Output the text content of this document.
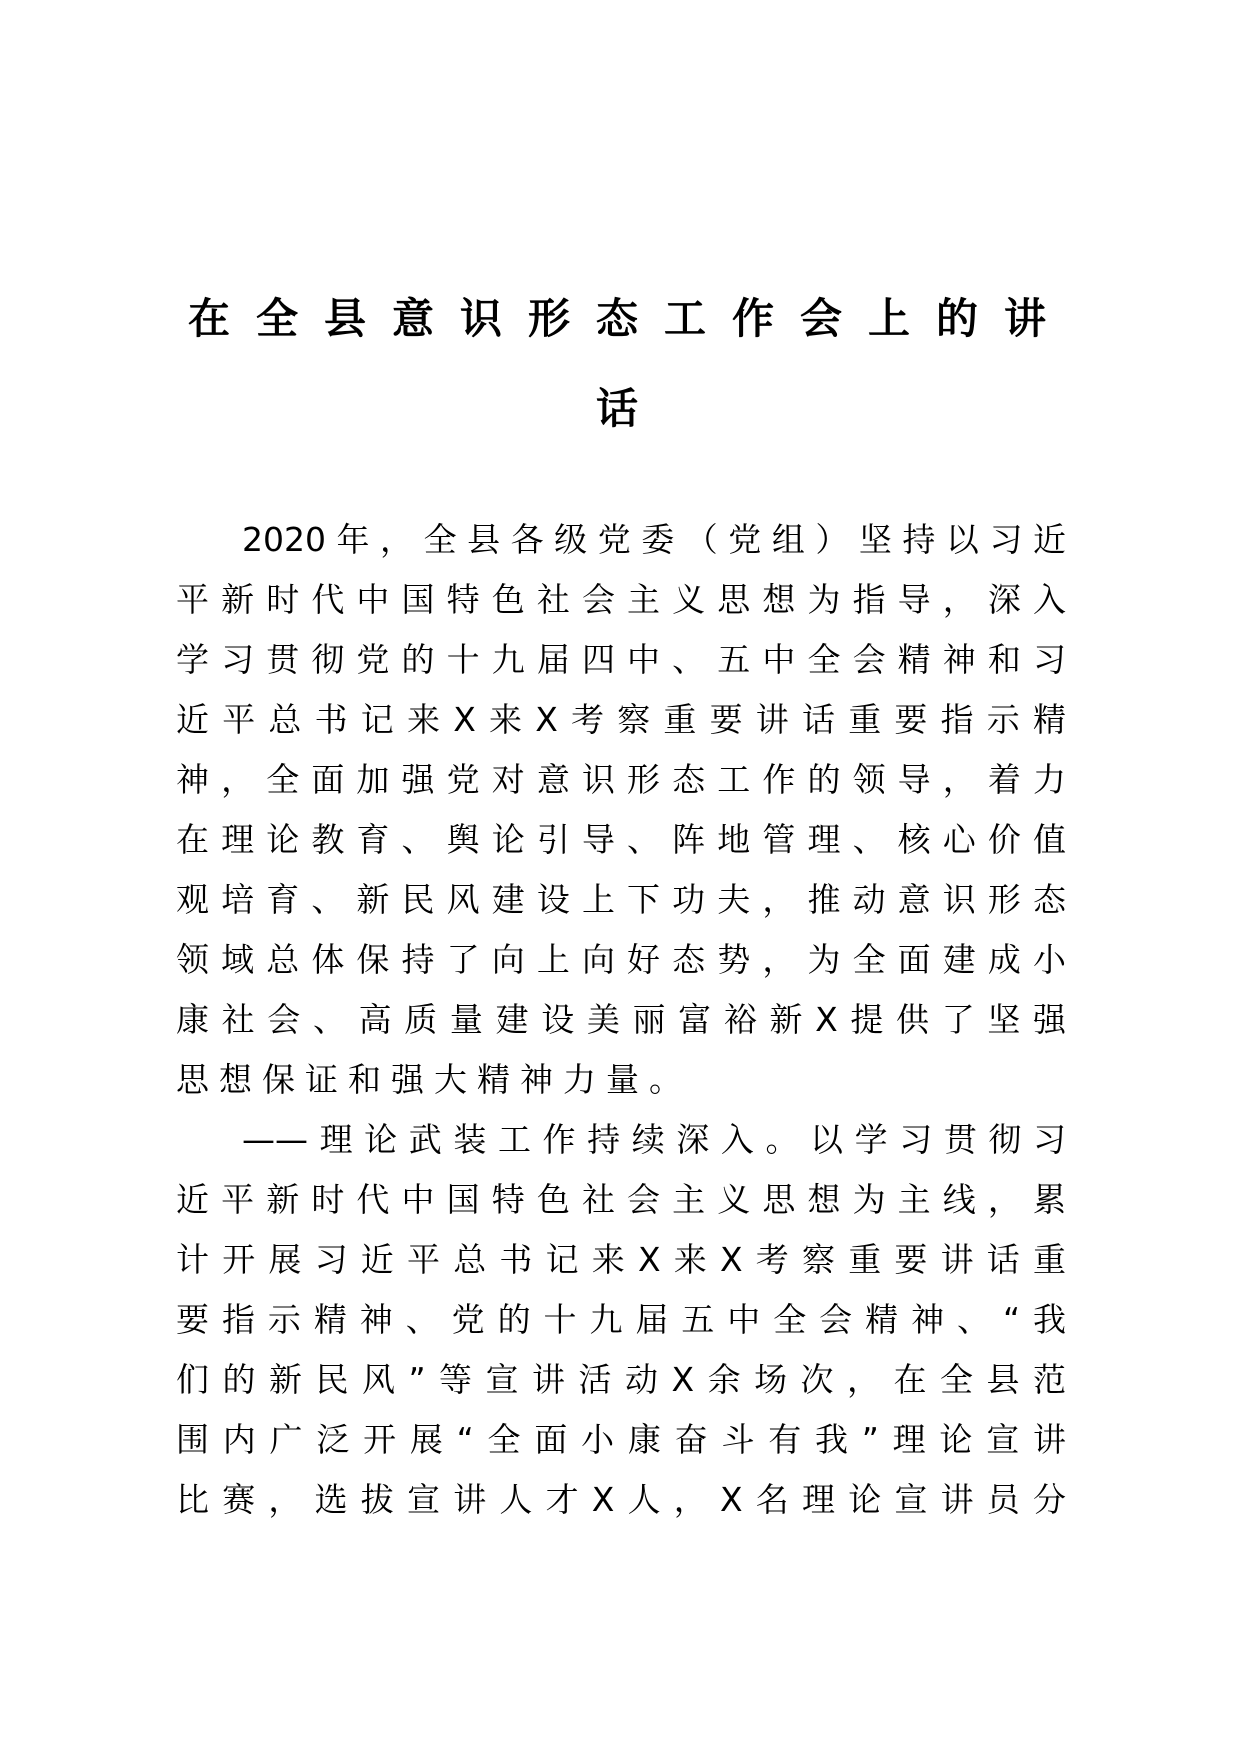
在全县意识形态工作会上的讲
话
2020年，全县各级党委（党组）坚持以习近
平新时代中国特色社会主义思想为指导，深入
学习贯彻党的十九届四中、五中全会精神和习
近平总书记来X来X考察重要讲话重要指示精
神，全面加强党对意识形态工作的领导，着力
在理论教育、舆论引导、阵地管理、核心价值
观培育、新民风建设上下功夫，推动意识形态
领域总体保持了向上向好态势，为全面建成小
康社会、高质量建设美丽富裕新X提供了坚强
思想保证和强大精神力量。
——理论武装工作持续深入。以学习贯彻习
近平新时代中国特色社会主义思想为主线，累
计开展习近平总书记来X来X考察重要讲话重
要指示精神、党的十九届五中全会精神、“我
们的新民风”等宣讲活动X余场次，在全县范
围内广泛开展“全面小康奋斗有我”理论宣讲
比赛，选拔宣讲人才X人，X名理论宣讲员分
